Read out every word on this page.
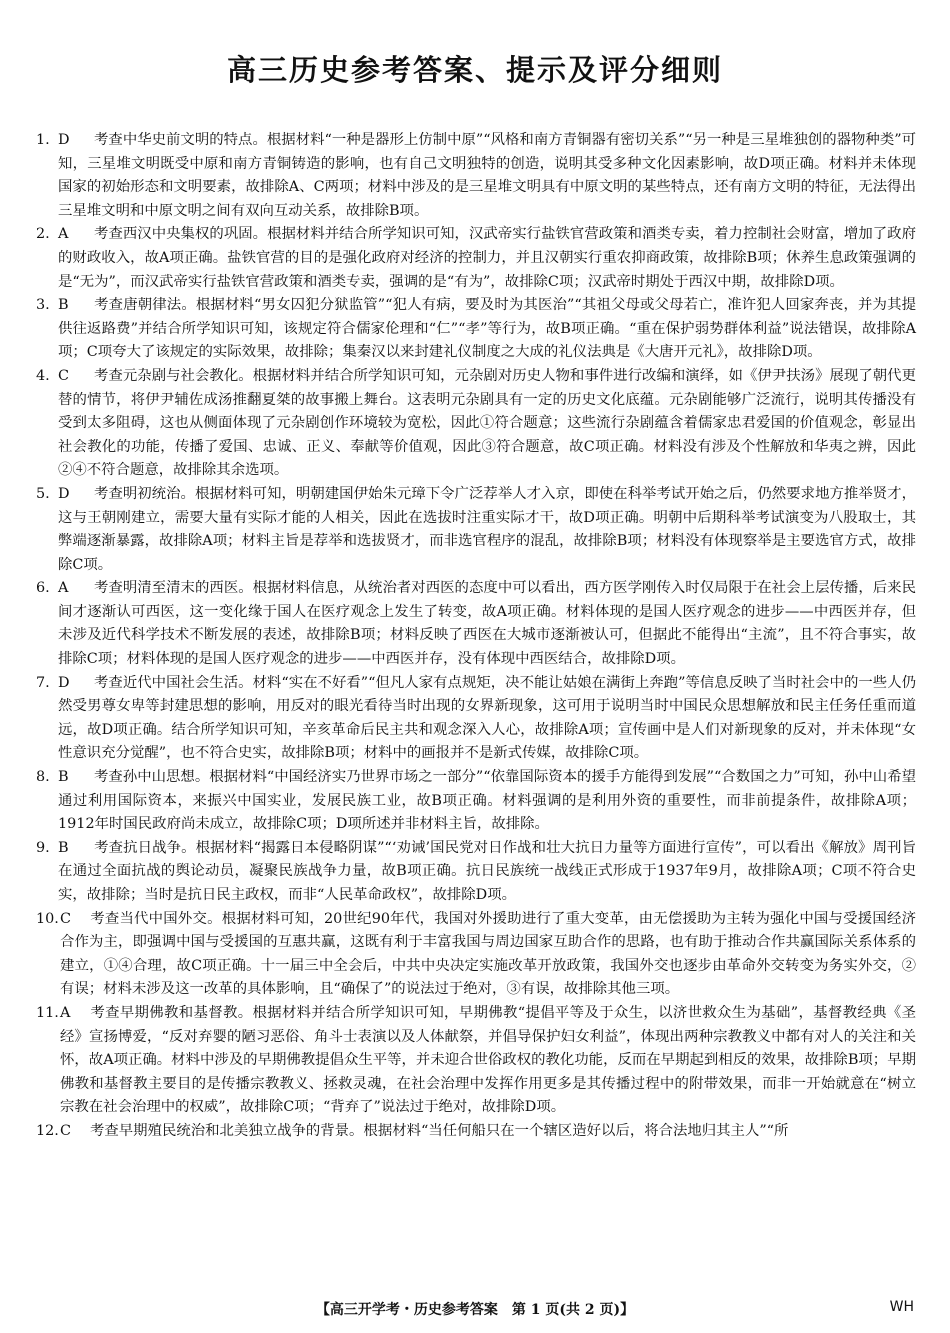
高三历史参考答案、提示及评分细则
1. D 考查中华史前文明的特点。根据材料“一种是器形上仿制中原”“风格和南方青铜器有密切关系”“另一种是三星堆独创的器物种类”可知，三星堆文明既受中原和南方青铜铸造的影响，也有自己文明独特的创造，说明其受多种文化因素影响，故D项正确。材料并未体现国家的初始形态和文明要素，故排除A、C两项；材料中涉及的是三星堆文明具有中原文明的某些特点，还有南方文明的特征，无法得出三星堆文明和中原文明之间有双向互动关系，故排除B项。
2. A 考查西汉中央集权的巩固。根据材料并结合所学知识可知，汉武帝实行盐铁官营政策和酒类专卖，着力控制社会财富，增加了政府的财政收入，故A项正确。盐铁官营的目的是强化政府对经济的控制力，并且汉朝实行重农抑商政策，故排除B项；休养生息政策强调的是“无为”，而汉武帝实行盐铁官营政策和酒类专卖，强调的是“有为”，故排除C项；汉武帝时期处于西汉中期，故排除D项。
3. B 考查唐朝律法。根据材料“男女囚犯分狱监管”“犯人有病，要及时为其医治”“其祖父母或父母若亡，准许犯人回家奔丧，并为其提供往返路费”并结合所学知识可知，该规定符合儒家伦理和“仁”“孝”等行为，故B项正确。“重在保护弱势群体利益”说法错误，故排除A项；C项夸大了该规定的实际效果，故排除；集秦汉以来封建礼仪制度之大成的礼仪法典是《大唐开元礼》，故排除D项。
4. C 考查元杂剧与社会教化。根据材料并结合所学知识可知，元杂剧对历史人物和事件进行改编和演绎，如《伊尹扶汤》展现了朝代更替的情节，将伊尹辅佐成汤推翻夏桀的故事搬上舞台。这表明元杂剧具有一定的历史文化底蕴。元杂剧能够广泛流行，说明其传播没有受到太多阻碍，这也从侧面体现了元杂剧创作环境较为宽松，因此①符合题意；这些流行杂剧蕴含着儒家忠君爱国的价值观念，彰显出社会教化的功能，传播了爱国、忠诚、正义、奉献等价值观，因此③符合题意，故C项正确。材料没有涉及个性解放和华夷之辨，因此②④不符合题意，故排除其余选项。
5. D 考查明初统治。根据材料可知，明朝建国伊始朱元璋下令广泛荐举人才入京，即使在科举考试开始之后，仍然要求地方推举贤才，这与王朝刚建立，需要大量有实际才能的人相关，因此在选拔时注重实际才干，故D项正确。明朝中后期科举考试演变为八股取士，其弊端逐渐暴露，故排除A项；材料主旨是荐举和选拔贤才，而非选官程序的混乱，故排除B项；材料没有体现察举是主要选官方式，故排除C项。
6. A 考查明清至清末的西医。根据材料信息，从统治者对西医的态度中可以看出，西方医学刚传入时仅局限于在社会上层传播，后来民间才逐渐认可西医，这一变化缘于国人在医疗观念上发生了转变，故A项正确。材料体现的是国人医疗观念的进步——中西医并存，但未涉及近代科学技术不断发展的表述，故排除B项；材料反映了西医在大城市逐渐被认可，但据此不能得出“主流”，且不符合事实，故排除C项；材料体现的是国人医疗观念的进步——中西医并存，没有体现中西医结合，故排除D项。
7. D 考查近代中国社会生活。材料“实在不好看”“但凡人家有点规矩，决不能让姑娘在满街上奔跑”等信息反映了当时社会中的一些人仍然受男尊女卑等封建思想的影响，用反对的眼光看待当时出现的女界新现象，这可用于说明当时中国民众思想解放和民主任务任重而道远，故D项正确。结合所学知识可知，辛亥革命后民主共和观念深入人心，故排除A项；宣传画中是人们对新现象的反对，并未体现“女性意识充分觉醒”，也不符合史实，故排除B项；材料中的画报并不是新式传媒，故排除C项。
8. B 考查孙中山思想。根据材料“中国经济实乃世界市场之一部分”“依靠国际资本的援手方能得到发展”“合数国之力”可知，孙中山希望通过利用国际资本，来振兴中国实业，发展民族工业，故B项正确。材料强调的是利用外资的重要性，而非前提条件，故排除A项；1912年时国民政府尚未成立，故排除C项；D项所述并非材料主旨，故排除。
9. B 考查抗日战争。根据材料“揭露日本侵略阴谋”“‘劝诫’国民党对日作战和壮大抗日力量等方面进行宣传”，可以看出《解放》周刊旨在通过全面抗战的舆论动员，凝聚民族战争力量，故B项正确。抗日民族统一战线正式形成于1937年9月，故排除A项；C项不符合史实，故排除；当时是抗日民主政权，而非“人民革命政权”，故排除D项。
10.C 考查当代中国外交。根据材料可知，20世纪90年代，我国对外援助进行了重大变革，由无偿援助为主转为强化中国与受援国经济合作为主，即强调中国与受援国的互惠共赢，这既有利于丰富我国与周边国家互助合作的思路，也有助于推动合作共赢国际关系体系的建立，①④合理，故C项正确。十一届三中全会后，中共中央决定实施改革开放政策，我国外交也逐步由革命外交转变为务实外交，②有误；材料未涉及这一改革的具体影响，且“确保了”的说法过于绝对，③有误，故排除其他三项。
11.A 考查早期佛教和基督教。根据材料并结合所学知识可知，早期佛教“提倡平等及于众生，以济世救众生为基础”，基督教经典《圣经》宣扬博爱，“反对弃婴的陋习恶俗、角斗士表演以及人体献祭，并倡导保护妇女利益”，体现出两种宗教教义中都有对人的关注和关怀，故A项正确。材料中涉及的早期佛教提倡众生平等，并未迎合世俗政权的教化功能，反而在早期起到相反的效果，故排除B项；早期佛教和基督教主要目的是传播宗教教义、拯救灵魂，在社会治理中发挥作用更多是其传播过程中的附带效果，而非一开始就意在“树立宗教在社会治理中的权威”，故排除C项；“背弃了”说法过于绝对，故排除D项。
12.C 考查早期殖民统治和北美独立战争的背景。根据材料“当任何船只在一个辖区造好以后，将合法地归其主人”“所
【高三开学考・历史参考答案　第 1 页(共 2 页)】	WH
